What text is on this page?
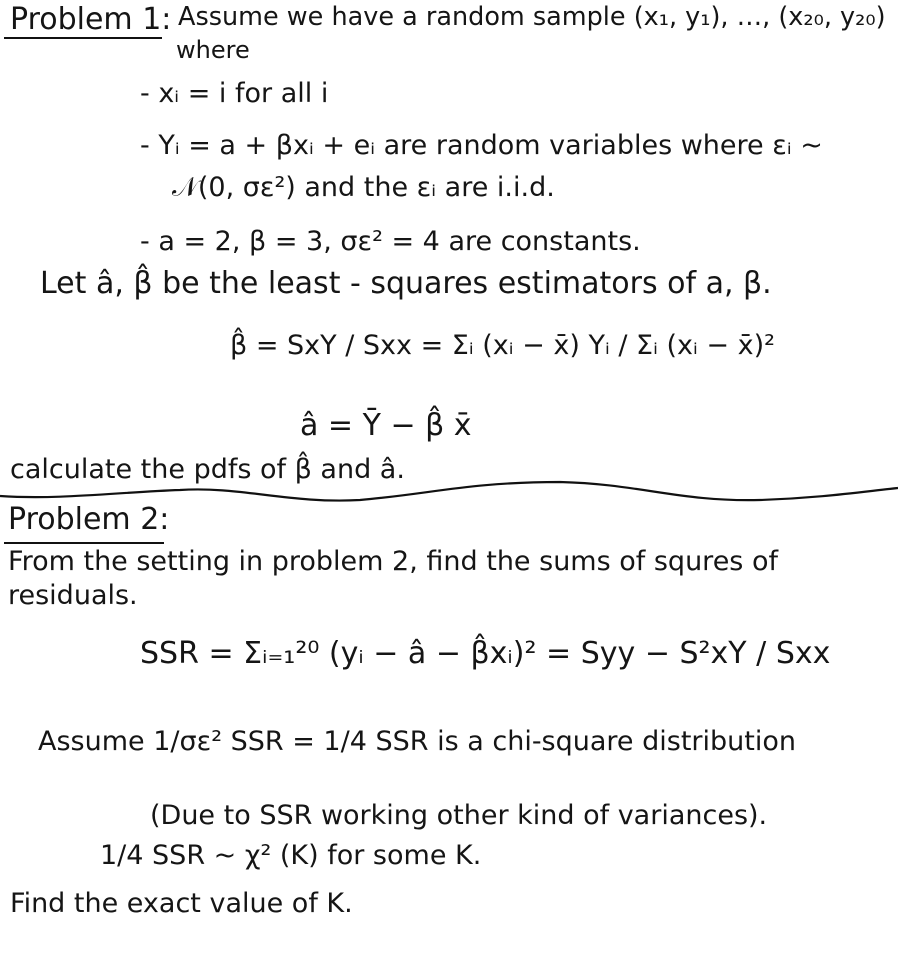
Problem 1: Assume we have a random sample (x₁, y₁), …, (x₂₀, y₂₀)
where
- xᵢ = i for all i
- Yᵢ = a + βxᵢ + eᵢ are random variables where εᵢ ~
𝒩(0, σε²) and the εᵢ are i.i.d.
- a = 2, β = 3, σε² = 4 are constants.
Let â, β̂ be the least - squares estimators of a, β.
β̂ = SxY / Sxx = Σᵢ (xᵢ − x̄) Yᵢ / Σᵢ (xᵢ − x̄)²
â = Ȳ − β̂ x̄
calculate the pdfs of β̂ and â.
Problem 2:
From the setting in problem 2, find the sums of squres of
residuals.
SSR = Σᵢ₌₁²⁰ (yᵢ − â − β̂xᵢ)² = Syy − S²xY / Sxx
Assume 1/σε² SSR = 1/4 SSR is a chi-square distribution
(Due to SSR working other kind of variances).
1/4 SSR ~ χ² (K) for some K.
Find the exact value of K.
